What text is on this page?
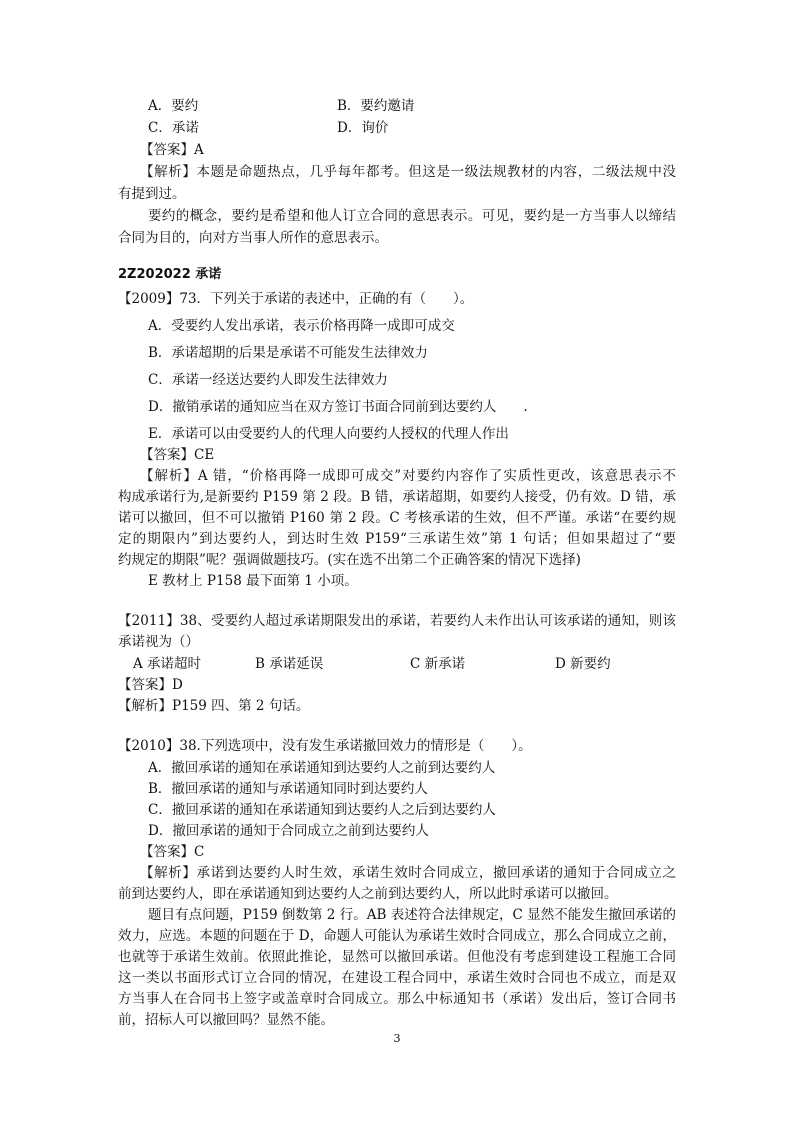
A．要约	B．要约邀请
C．承诺	D．询价
【答案】A
【解析】本题是命题热点，几乎每年都考。但这是一级法规教材的内容，二级法规中没
有提到过。
要约的概念，要约是希望和他人订立合同的意思表示。可见，要约是一方当事人以缔结
合同为目的，向对方当事人所作的意思表示。
2Z202022 承诺
【2009】73．下列关于承诺的表述中，正确的有（　　）。
A．受要约人发出承诺，表示价格再降一成即可成交
B．承诺超期的后果是承诺不可能发生法律效力
C．承诺一经送达要约人即发生法律效力
D．撤销承诺的通知应当在双方签订书面合同前到达要约人　　.
E．承诺可以由受要约人的代理人向要约人授权的代理人作出
【答案】CE
【解析】A 错，“价格再降一成即可成交”对要约内容作了实质性更改，该意思表示不
构成承诺行为,是新要约 P159 第 2 段。B 错，承诺超期，如要约人接受，仍有效。D 错，承
诺可以撤回，但不可以撤销 P160 第 2 段。C 考核承诺的生效，但不严谨。承诺“在要约规
定的期限内”到达要约人，到达时生效 P159“三承诺生效”第 1 句话；但如果超过了“要
约规定的期限”呢？强调做题技巧。(实在选不出第二个正确答案的情况下选择)
E 教材上 P158 最下面第 1 小项。
【2011】38、受要约人超过承诺期限发出的承诺，若要约人未作出认可该承诺的通知，则该
承诺视为（）
A 承诺超时	B 承诺延误	C 新承诺	D 新要约
【答案】D
【解析】P159 四、第 2 句话。
【2010】38.下列选项中，没有发生承诺撤回效力的情形是（　　）。
A．撤回承诺的通知在承诺通知到达要约人之前到达要约人
B．撤回承诺的通知与承诺通知同时到达要约人
C．撤回承诺的通知在承诺通知到达要约人之后到达要约人
D．撤回承诺的通知于合同成立之前到达要约人
【答案】C
【解析】承诺到达要约人时生效，承诺生效时合同成立，撤回承诺的通知于合同成立之
前到达要约人，即在承诺通知到达要约人之前到达要约人，所以此时承诺可以撤回。
题目有点问题，P159 倒数第 2 行。AB 表述符合法律规定，C 显然不能发生撤回承诺的
效力，应选。本题的问题在于 D，命题人可能认为承诺生效时合同成立，那么合同成立之前，
也就等于承诺生效前。依照此推论，显然可以撤回承诺。但他没有考虑到建设工程施工合同
这一类以书面形式订立合同的情况，在建设工程合同中，承诺生效时合同也不成立，而是双
方当事人在合同书上签字或盖章时合同成立。那么中标通知书（承诺）发出后，签订合同书
前，招标人可以撤回吗？显然不能。
3
